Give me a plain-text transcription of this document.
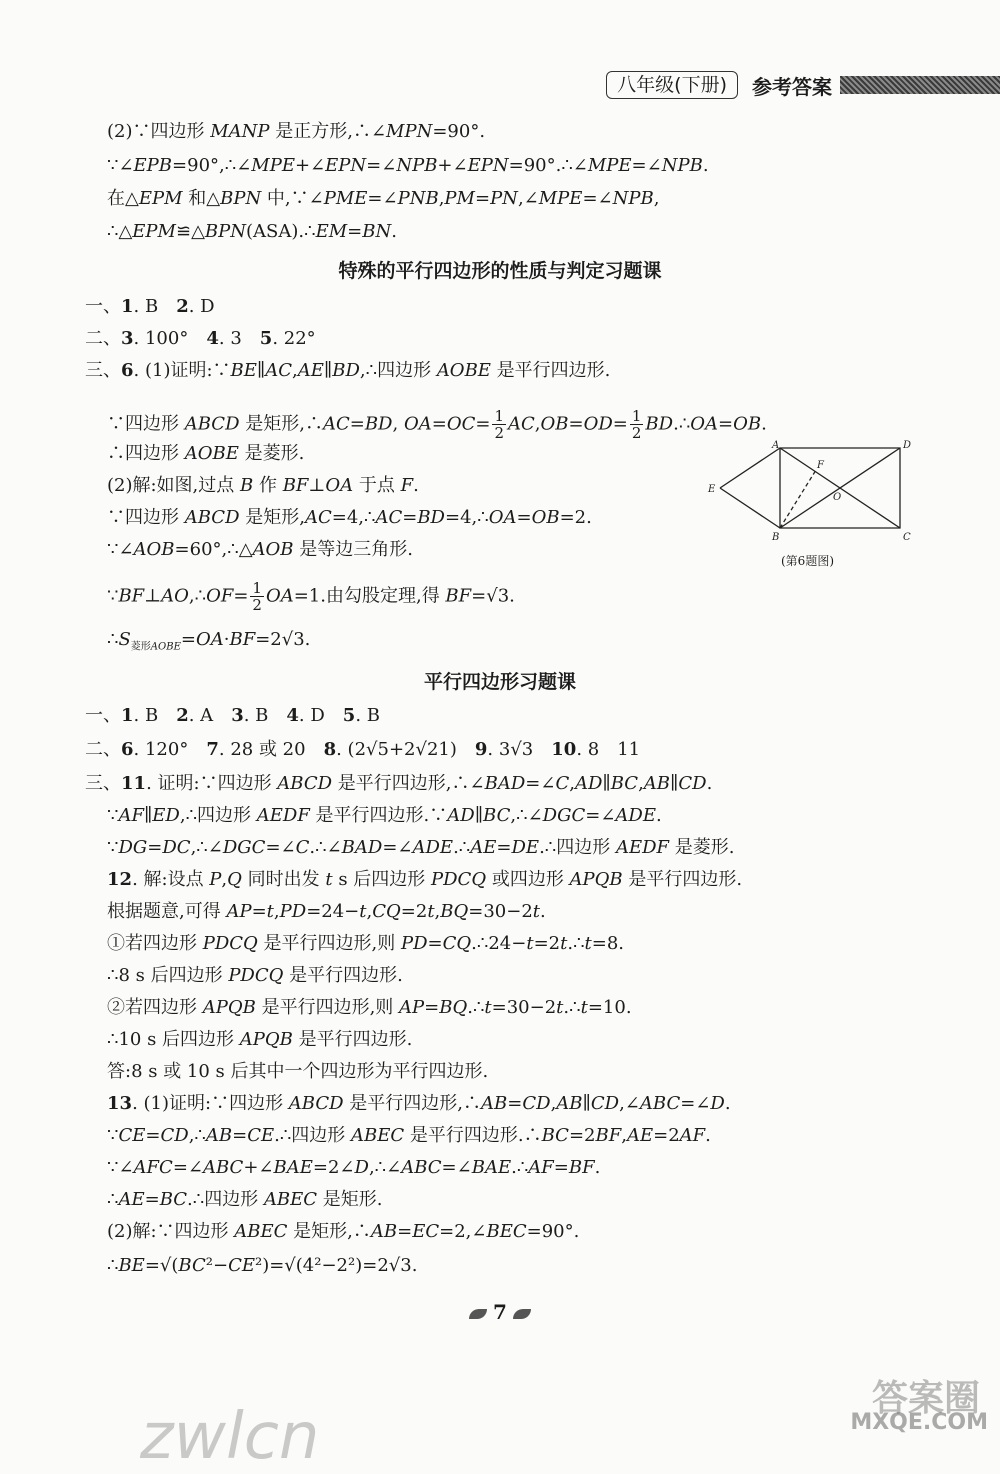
八年级(下册)	参考答案
(2)∵四边形 MANP 是正方形,∴∠MPN=90°.
∵∠EPB=90°,∴∠MPE+∠EPN=∠NPB+∠EPN=90°.∴∠MPE=∠NPB.
在△EPM 和△BPN 中,∵∠PME=∠PNB,PM=PN,∠MPE=∠NPB,
∴△EPM≌△BPN(ASA).∴EM=BN.
特殊的平行四边形的性质与判定习题课
一、1. B　2. D
二、3. 100°　4. 3　5. 22°
三、6. (1)证明:∵BE∥AC,AE∥BD,∴四边形 AOBE 是平行四边形.
∵四边形 ABCD 是矩形,∴AC=BD, $OA=OC= \frac{1}{2} AC,OB=OD= \frac{1}{2}$ BD.∴OA=OB.
∴四边形 AOBE 是菱形.
(2)解:如图,过点 B 作 BF⊥OA 于点 F.
∵四边形 ABCD 是矩形,AC=4,∴AC=BD=4,∴OA=OB=2.
∵∠AOB=60°,∴△AOB 是等边三角形.
∵BF⊥AO,∴OF= $\frac{1}{2} OA=1$.由勾股定理,得 BF=√3.
$\therefore S_{菱形AOBE}=OA\cdot BF=2√3$.
A	D
F
E
O
B	C
(第6题图)
平行四边形习题课
一、1. B　2. A　3. B　4. D　5. B
二、6. 120°　7. 28 或 20　8. (2√5+2√21)　9. 3√3　10. 8　11
三、11. 证明:∵四边形 ABCD 是平行四边形,∴∠BAD=∠C,AD∥BC,AB∥CD.
∵AF∥ED,∴四边形 AEDF 是平行四边形.∵AD∥BC,∴∠DGC=∠ADE.
∵DG=DC,∴∠DGC=∠C.∴∠BAD=∠ADE.∴AE=DE.∴四边形 AEDF 是菱形.
12. 解:设点 P,Q 同时出发 t s 后四边形 PDCQ 或四边形 APQB 是平行四边形.
根据题意,可得 AP=t,PD=24−t,CQ=2t,BQ=30−2t.
①若四边形 PDCQ 是平行四边形,则 PD=CQ.∴24−t=2t.∴t=8.
∴8 s 后四边形 PDCQ 是平行四边形.
②若四边形 APQB 是平行四边形,则 AP=BQ.∴t=30−2t.∴t=10.
∴10 s 后四边形 APQB 是平行四边形.
答:8 s 或 10 s 后其中一个四边形为平行四边形.
13. (1)证明:∵四边形 ABCD 是平行四边形,∴AB=CD,AB∥CD,∠ABC=∠D.
∵CE=CD,∴AB=CE.∴四边形 ABEC 是平行四边形.∴BC=2BF,AE=2AF.
∵∠AFC=∠ABC+∠BAE=2∠D,∴∠ABC=∠BAE.∴AF=BF.
∴AE=BC.∴四边形 ABEC 是矩形.
(2)解:∵四边形 ABEC 是矩形,∴AB=EC=2,∠BEC=90°.
∴BE=√(BC²−CE²)=√(4²−2²)=2√3.
7
zwlcn
答案圈
MXQE.COM
